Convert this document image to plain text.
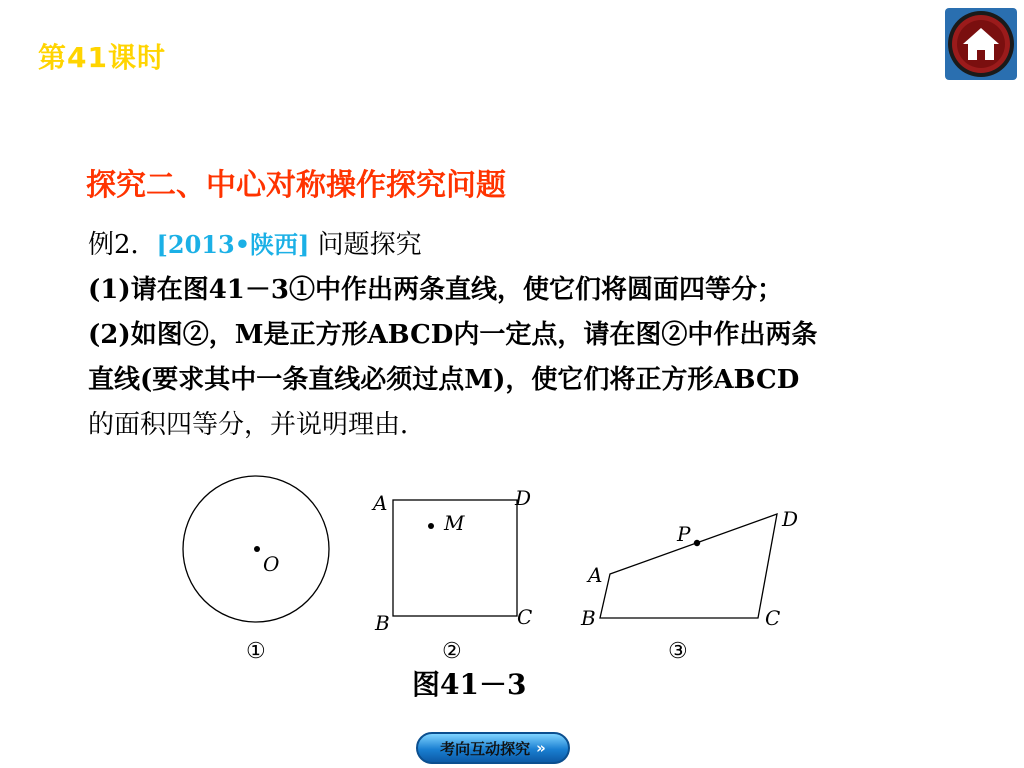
第41课时
探究二、中心对称操作探究问题
例2．[2013•陕西] 问题探究
(1)请在图41－3①中作出两条直线，使它们将圆面四等分；
(2)如图②，M是正方形ABCD内一定点，请在图②中作出两条
直线(要求其中一条直线必须过点M)，使它们将正方形ABCD
的面积四等分，并说明理由．
O
①
M
A	D
B	C
②
P
A
D
B	C
③
图41－3
考向互动探究 »
